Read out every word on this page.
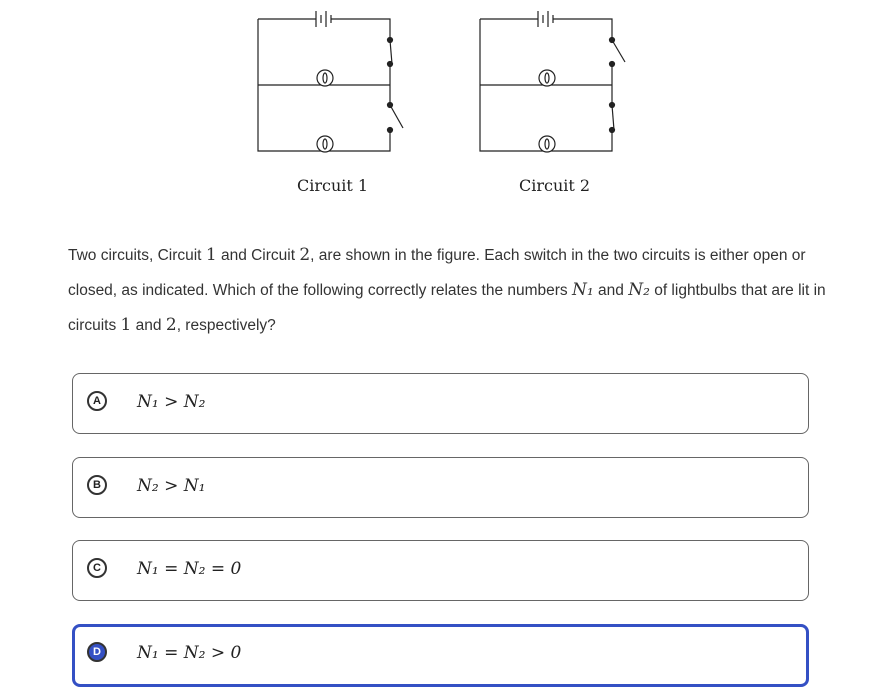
Circuit 1	Circuit 2
Two circuits, Circuit 1 and Circuit 2, are shown in the figure. Each switch in the two circuits is either open or closed, as indicated. Which of the following correctly relates the numbers N₁ and N₂ of lightbulbs that are lit in circuits 1 and 2, respectively?
A	N₁ > N₂
B	N₂ > N₁
C	N₁ = N₂ = 0
D	N₁ = N₂ > 0
